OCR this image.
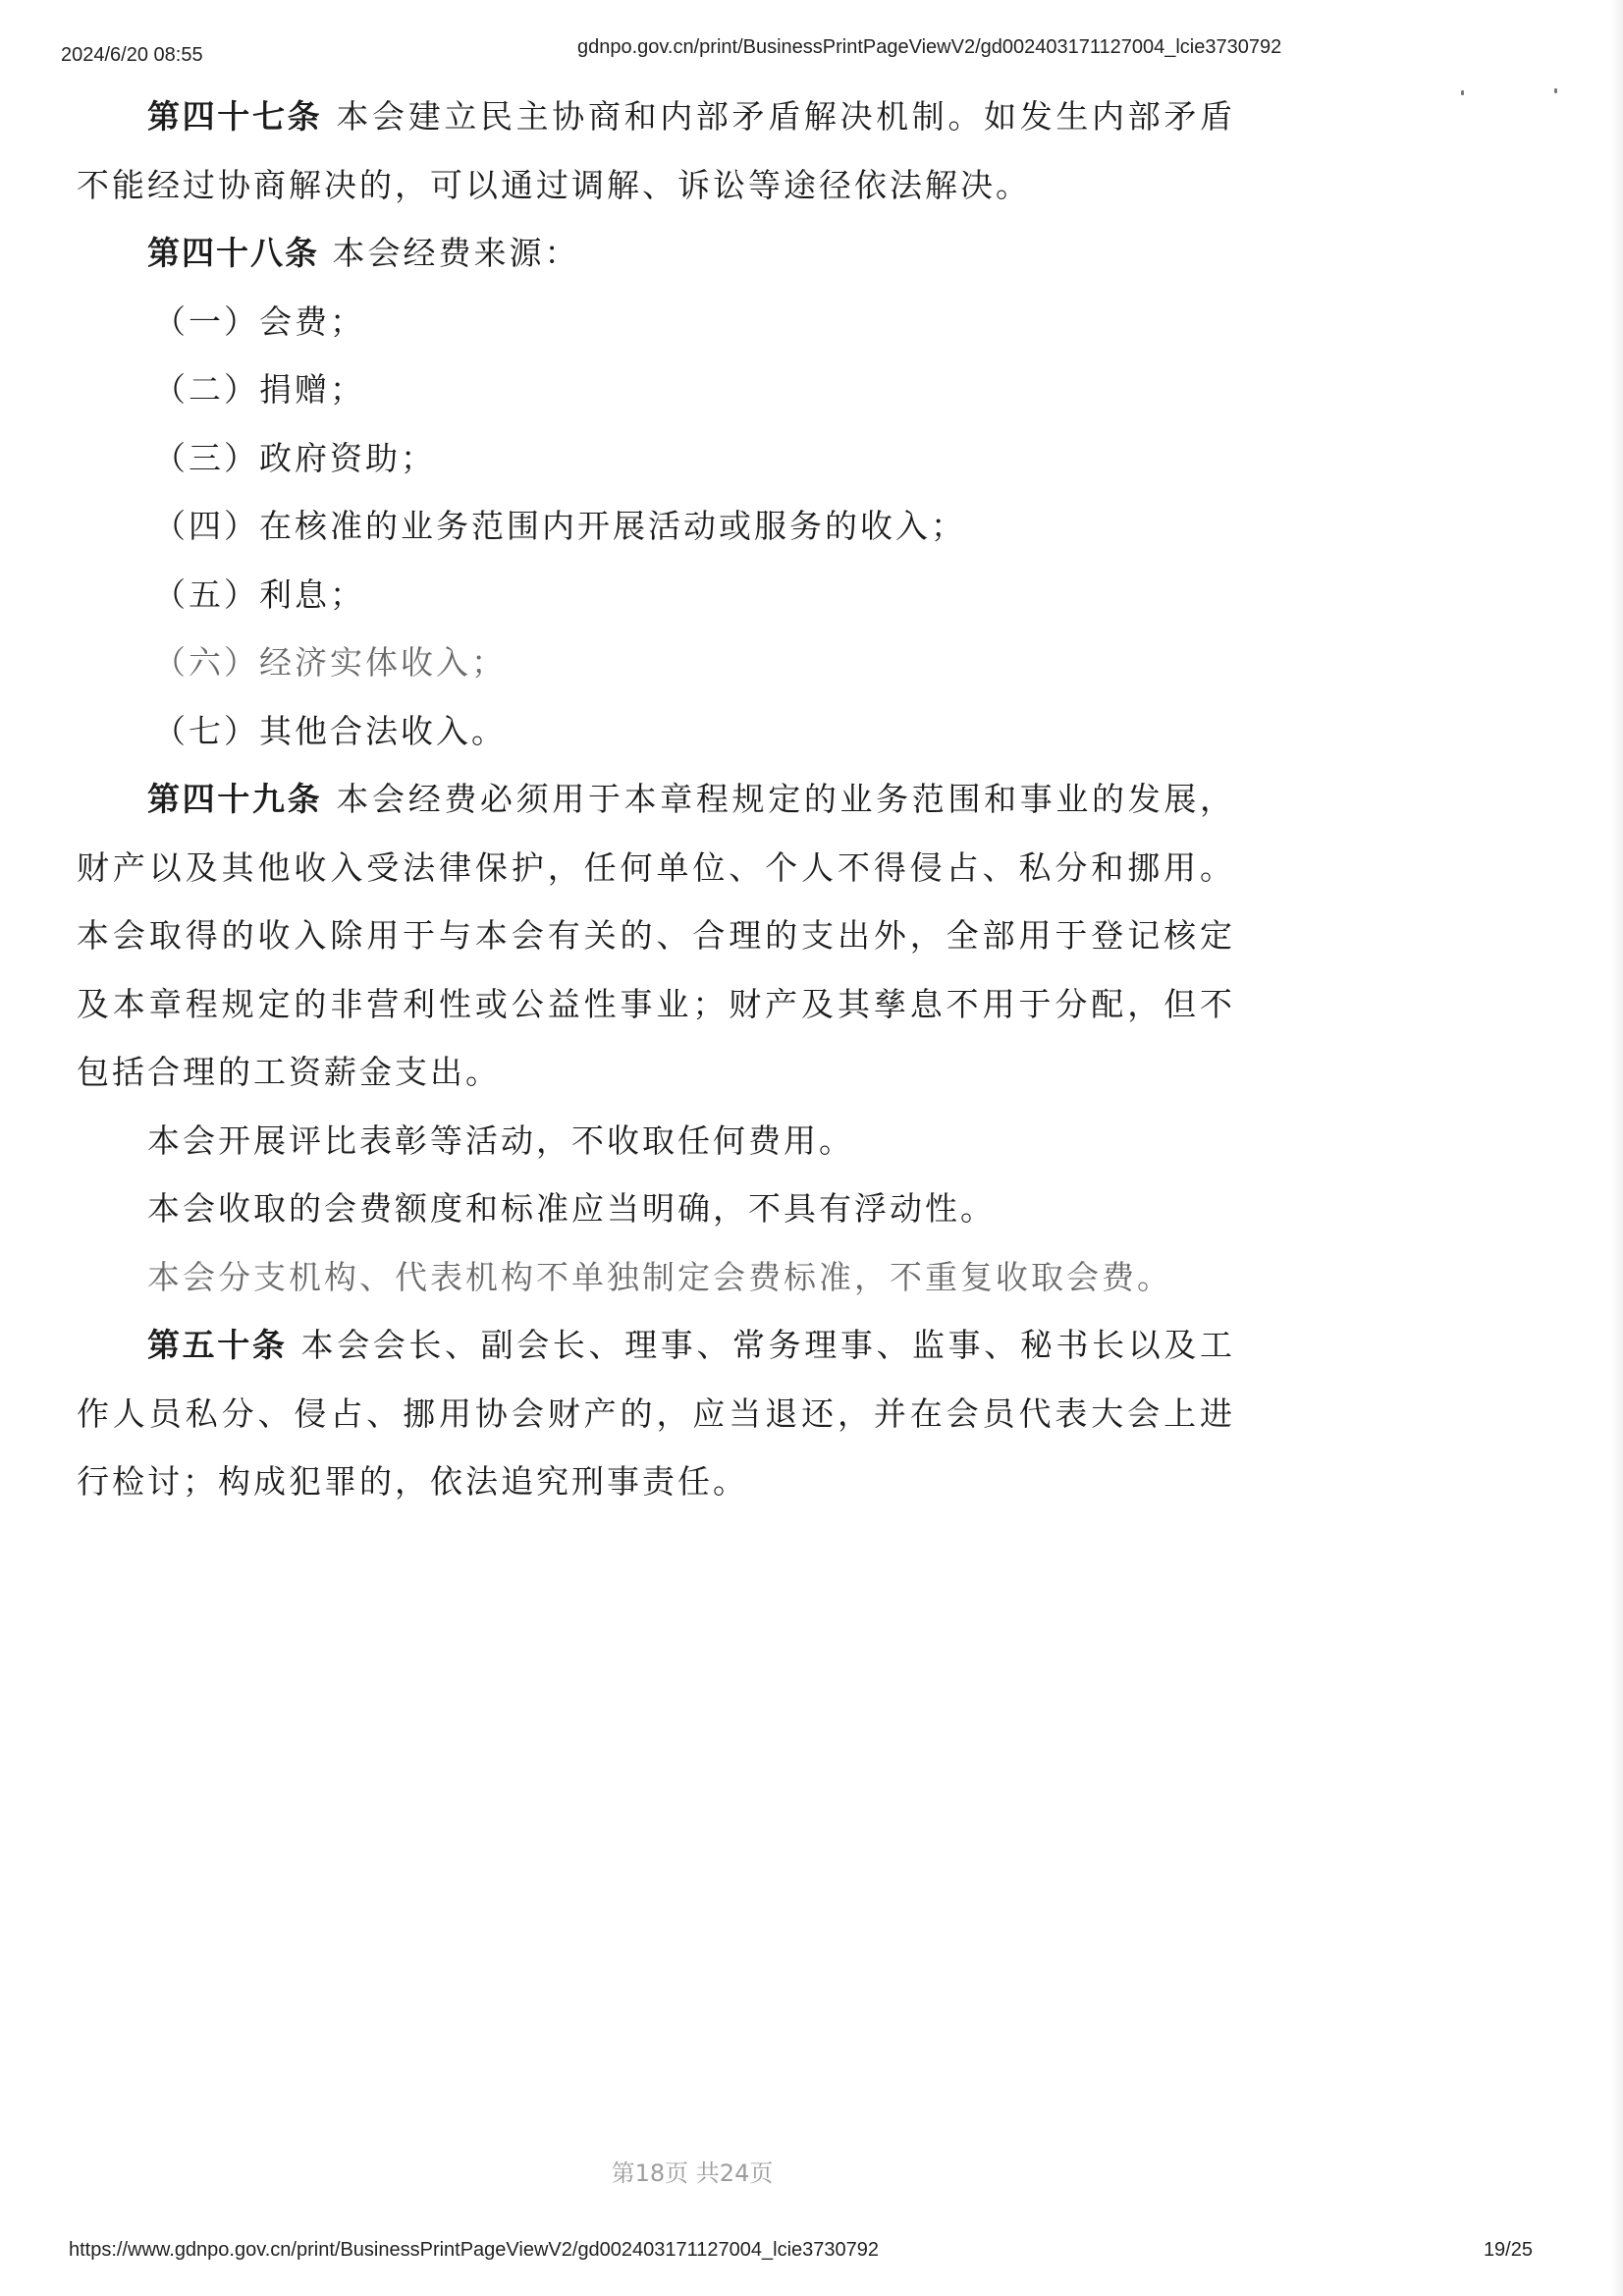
2024/6/20 08:55	gdnpo.gov.cn/print/BusinessPrintPageViewV2/gd002403171127004_lcie3730792

第四十七条 本会建立民主协商和内部矛盾解决机制。如发生内部矛盾不能经过协商解决的，可以通过调解、诉讼等途径依法解决。

第四十八条 本会经费来源：

（一）会费；

（二）捐赠；

（三）政府资助；

（四）在核准的业务范围内开展活动或服务的收入；

（五）利息；

（六）经济实体收入；

（七）其他合法收入。

第四十九条 本会经费必须用于本章程规定的业务范围和事业的发展，财产以及其他收入受法律保护，任何单位、个人不得侵占、私分和挪用。本会取得的收入除用于与本会有关的、合理的支出外，全部用于登记核定及本章程规定的非营利性或公益性事业；财产及其孳息不用于分配，但不包括合理的工资薪金支出。

本会开展评比表彰等活动，不收取任何费用。

本会收取的会费额度和标准应当明确，不具有浮动性。

本会分支机构、代表机构不单独制定会费标准，不重复收取会费。

第五十条 本会会长、副会长、理事、常务理事、监事、秘书长以及工作人员私分、侵占、挪用协会财产的，应当退还，并在会员代表大会上进行检讨；构成犯罪的，依法追究刑事责任。

第18页 共24页
https://www.gdnpo.gov.cn/print/BusinessPrintPageViewV2/gd002403171127004_lcie3730792	19/25
